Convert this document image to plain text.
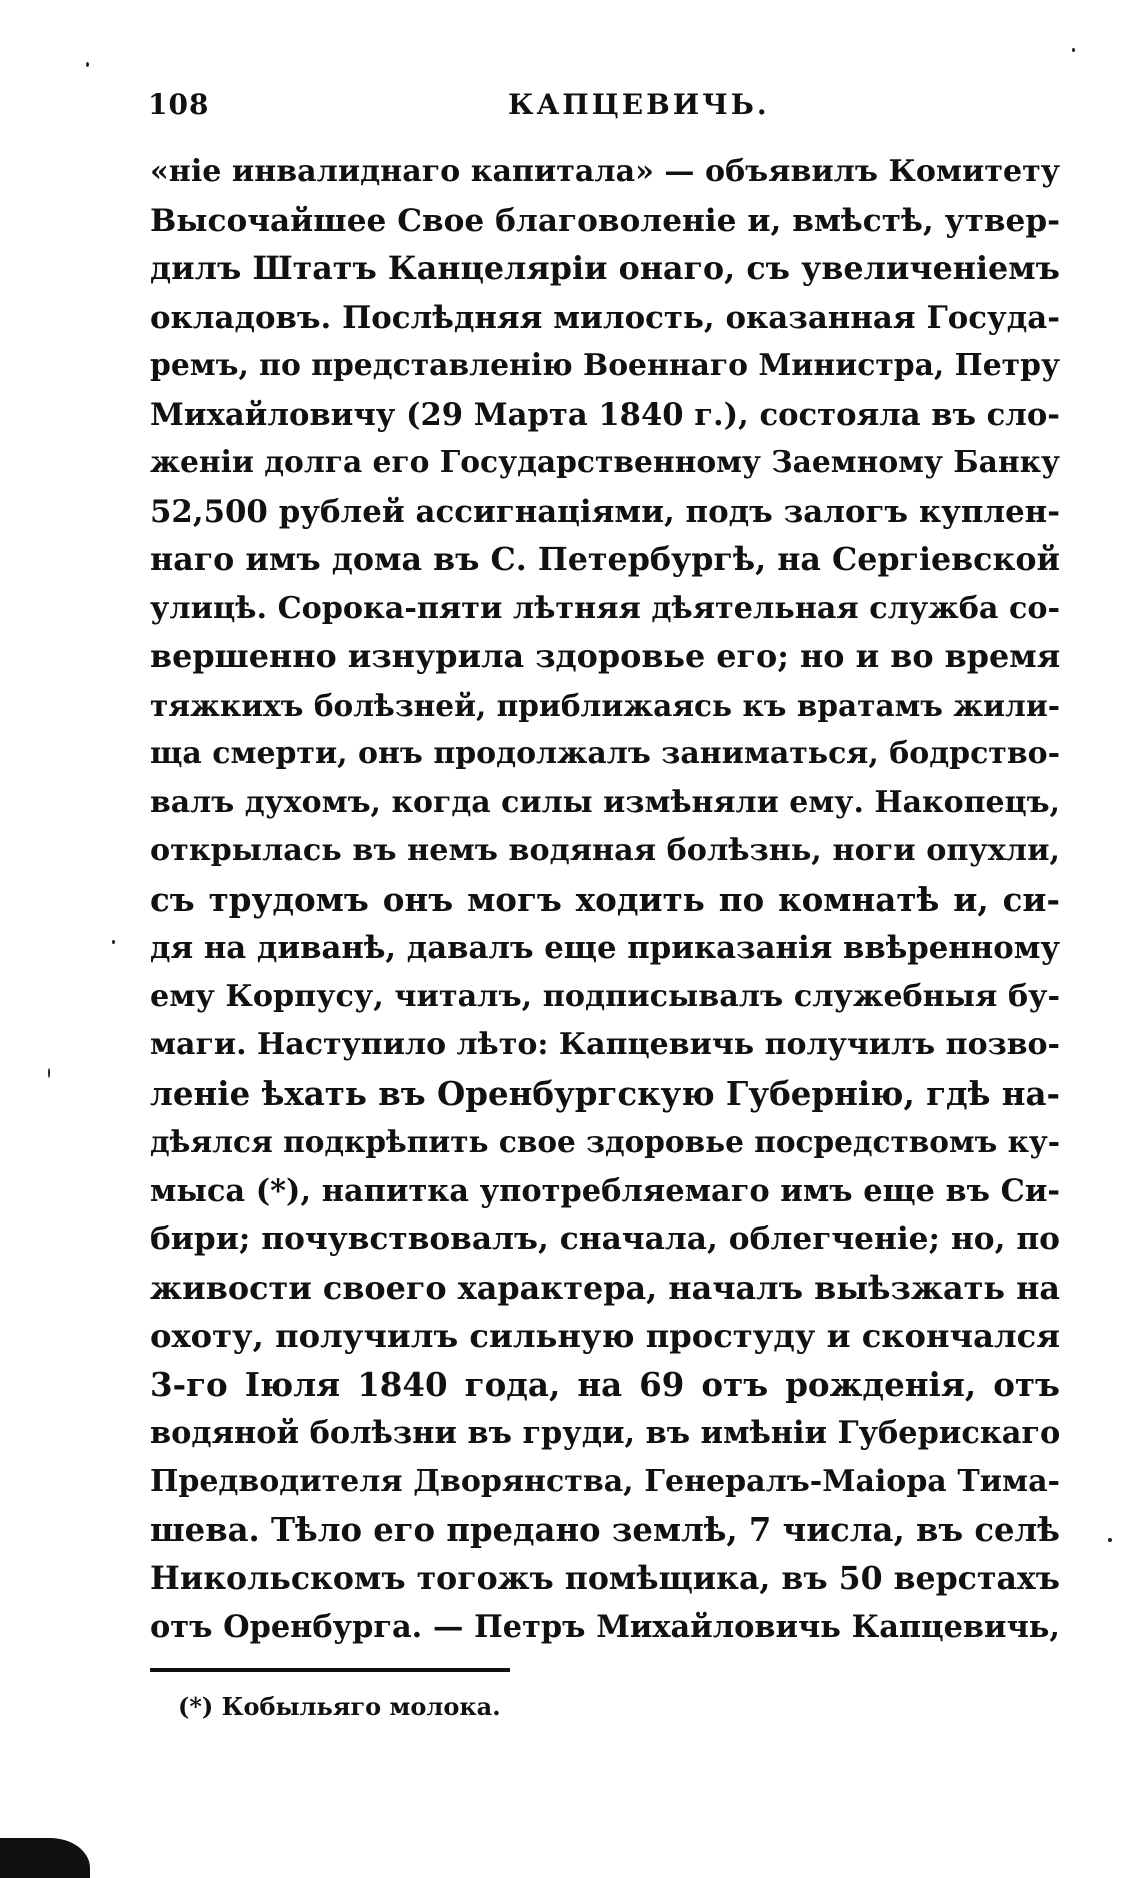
108	КАПЦЕВИЧЬ.
«ніе инвалиднаго капитала» — объявилъ Комитету
Высочайшее Свое благоволеніе и, вмѣстѣ, утвер-
дилъ Штатъ Канцеляріи онаго, съ увеличеніемъ
окладовъ. Послѣдняя милость, оказанная Госуда-
ремъ, по представленію Военнаго Министра, Петру
Михайловичу (29 Марта 1840 г.), состояла въ сло-
женіи долга его Государственному Заемному Банку
52,500 рублей ассигнаціями, подъ залогъ куплен-
наго имъ дома въ С. Петербургѣ, на Сергіевской
улицѣ. Сорока-пяти лѣтняя дѣятельная служба со-
вершенно изнурила здоровье его; но и во время
тяжкихъ болѣзней, приближаясь къ вратамъ жили-
ща смерти, онъ продолжалъ заниматься, бодрство-
валъ духомъ, когда силы измѣняли ему. Накопецъ,
открылась въ немъ водяная болѣзнь, ноги опухли,
съ трудомъ онъ могъ ходить по комнатѣ и, си-
дя на диванѣ, давалъ еще приказанія ввѣренному
ему Корпусу, читалъ, подписывалъ служебныя бу-
маги. Наступило лѣто: Капцевичь получилъ позво-
леніе ѣхать въ Оренбургскую Губернію, гдѣ на-
дѣялся подкрѣпить свое здоровье посредствомъ ку-
мыса (*), напитка употребляемаго имъ еще въ Си-
бири; почувствовалъ, сначала, облегченіе; но, по
живости своего характера, началъ выѣзжать на
охоту, получилъ сильную простуду и скончался
3-го Іюля 1840 года, на 69 отъ рожденія, отъ
водяной болѣзни въ груди, въ имѣніи Губерискаго
Предводителя Дворянства, Генералъ-Маіора Тима-
шева. Тѣло его предано землѣ, 7 числа, въ селѣ
Никольскомъ тогожъ помѣщика, въ 50 верстахъ
отъ Оренбурга. — Петръ Михайловичь Капцевичь,
(*) Кобыльяго молока.
